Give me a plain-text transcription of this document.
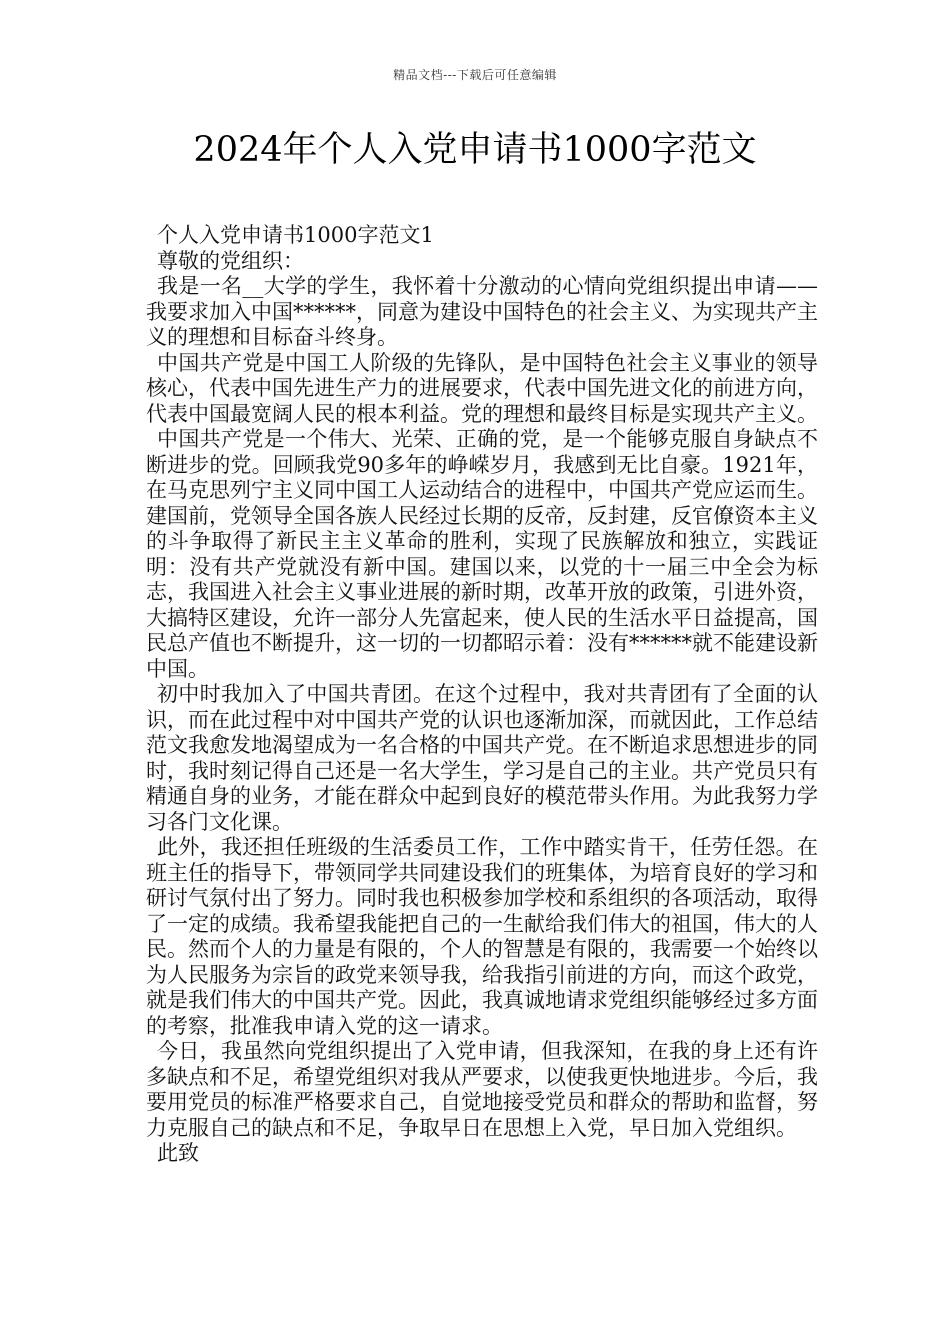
精品文档---下载后可任意编辑
2024年个人入党申请书1000字范文

个人入党申请书1000字范文1

尊敬的党组织：

我是一名__大学的学生，我怀着十分激动的心情向党组织提出申请——我要求加入中国******，同意为建设中国特色的社会主义、为实现共产主义的理想和目标奋斗终身。

中国共产党是中国工人阶级的先锋队，是中国特色社会主义事业的领导核心，代表中国先进生产力的进展要求，代表中国先进文化的前进方向，代表中国最宽阔人民的根本利益。党的理想和最终目标是实现共产主义。

中国共产党是一个伟大、光荣、正确的党，是一个能够克服自身缺点不断进步的党。回顾我党90多年的峥嵘岁月，我感到无比自豪。1921年，在马克思列宁主义同中国工人运动结合的进程中，中国共产党应运而生。建国前，党领导全国各族人民经过长期的反帝，反封建，反官僚资本主义的斗争取得了新民主主义革命的胜利，实现了民族解放和独立，实践证明：没有共产党就没有新中国。建国以来，以党的十一届三中全会为标志，我国进入社会主义事业进展的新时期，改革开放的政策，引进外资，大搞特区建设，允许一部分人先富起来，使人民的生活水平日益提高，国民总产值也不断提升，这一切的一切都昭示着：没有******就不能建设新中国。

初中时我加入了中国共青团。在这个过程中，我对共青团有了全面的认识，而在此过程中对中国共产党的认识也逐渐加深，而就因此，工作总结范文我愈发地渴望成为一名合格的中国共产党。在不断追求思想进步的同时，我时刻记得自己还是一名大学生，学习是自己的主业。共产党员只有精通自身的业务，才能在群众中起到良好的模范带头作用。为此我努力学习各门文化课。

此外，我还担任班级的生活委员工作，工作中踏实肯干，任劳任怨。在班主任的指导下，带领同学共同建设我们的班集体，为培育良好的学习和研讨气氛付出了努力。同时我也积极参加学校和系组织的各项活动，取得了一定的成绩。我希望我能把自己的一生献给我们伟大的祖国，伟大的人民。然而个人的力量是有限的，个人的智慧是有限的，我需要一个始终以为人民服务为宗旨的政党来领导我，给我指引前进的方向，而这个政党，就是我们伟大的中国共产党。因此，我真诚地请求党组织能够经过多方面的考察，批准我申请入党的这一请求。

今日，我虽然向党组织提出了入党申请，但我深知，在我的身上还有许多缺点和不足，希望党组织对我从严要求，以使我更快地进步。今后，我要用党员的标准严格要求自己，自觉地接受党员和群众的帮助和监督，努力克服自己的缺点和不足，争取早日在思想上入党，早日加入党组织。

此致
